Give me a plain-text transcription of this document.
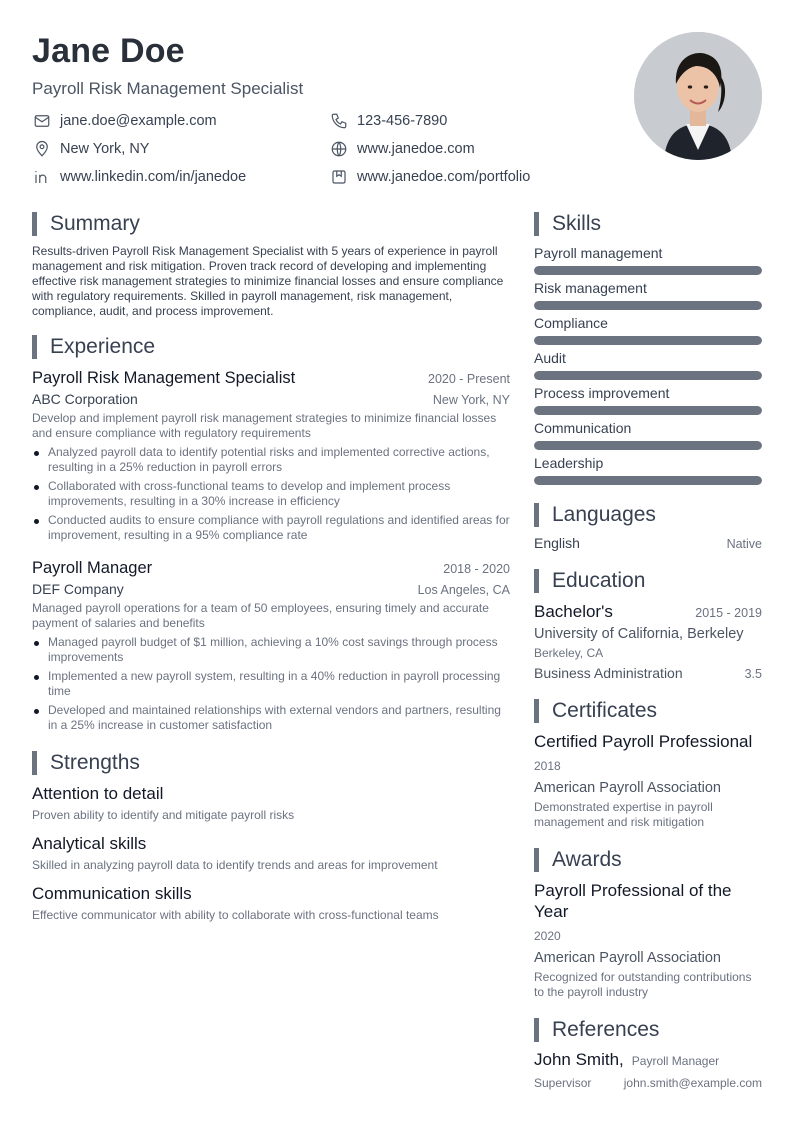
Jane Doe
Payroll Risk Management Specialist
jane.doe@example.com	123-456-7890
New York, NY	www.janedoe.com
www.linkedin.com/in/janedoe	www.janedoe.com/portfolio
Summary
Results-driven Payroll Risk Management Specialist with 5 years of experience in payroll management and risk mitigation. Proven track record of developing and implementing effective risk management strategies to minimize financial losses and ensure compliance with regulatory requirements. Skilled in payroll management, risk management, compliance, audit, and process improvement.
Experience
Payroll Risk Management Specialist	2020 - Present
ABC Corporation	New York, NY
Develop and implement payroll risk management strategies to minimize financial losses and ensure compliance with regulatory requirements
Analyzed payroll data to identify potential risks and implemented corrective actions, resulting in a 25% reduction in payroll errors
Collaborated with cross-functional teams to develop and implement process improvements, resulting in a 30% increase in efficiency
Conducted audits to ensure compliance with payroll regulations and identified areas for improvement, resulting in a 95% compliance rate
Payroll Manager	2018 - 2020
DEF Company	Los Angeles, CA
Managed payroll operations for a team of 50 employees, ensuring timely and accurate payment of salaries and benefits
Managed payroll budget of $1 million, achieving a 10% cost savings through process improvements
Implemented a new payroll system, resulting in a 40% reduction in payroll processing time
Developed and maintained relationships with external vendors and partners, resulting in a 25% increase in customer satisfaction
Strengths
Attention to detail
Proven ability to identify and mitigate payroll risks
Analytical skills
Skilled in analyzing payroll data to identify trends and areas for improvement
Communication skills
Effective communicator with ability to collaborate with cross-functional teams
Skills
Payroll management
Risk management
Compliance
Audit
Process improvement
Communication
Leadership
Languages
English	Native
Education
Bachelor's	2015 - 2019
University of California, Berkeley
Berkeley, CA
Business Administration	3.5
Certificates
Certified Payroll Professional
2018
American Payroll Association
Demonstrated expertise in payroll management and risk mitigation
Awards
Payroll Professional of the Year
2020
American Payroll Association
Recognized for outstanding contributions to the payroll industry
References
John Smith, Payroll Manager
Supervisor	john.smith@example.com
